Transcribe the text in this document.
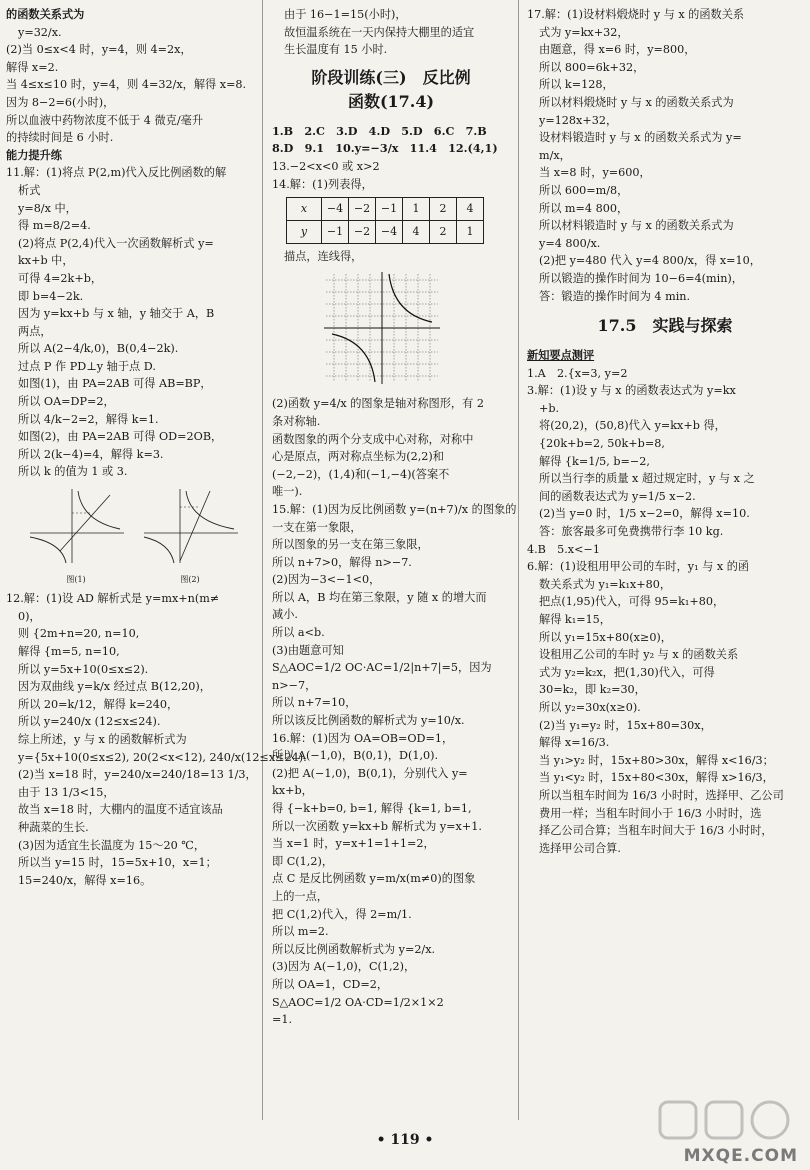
的函数关系式为
y=32/x.
(2)当 0≤x<4 时，y=4，则 4=2x，
解得 x=2.
当 4≤x≤10 时，y=4，则 4=32/x，解得 x=8.
因为 8−2=6(小时)，
所以血液中药物浓度不低于 4 微克/毫升
的持续时间是 6 小时.
能力提升练
11.解：(1)将点 P(2,m)代入反比例函数的解
析式
y=8/x 中，
得 m=8/2=4.
(2)将点 P(2,4)代入一次函数解析式 y=
kx+b 中，
可得 4=2k+b，
即 b=4−2k.
因为 y=kx+b 与 x 轴，y 轴交于 A，B
两点，
所以 A(2−4/k,0)，B(0,4−2k).
过点 P 作 PD⊥y 轴于点 D.
如图(1)，由 PA=2AB 可得 AB=BP，
所以 OA=DP=2，
所以 4/k−2=2，解得 k=1.
如图(2)，由 PA=2AB 可得 OD=2OB，
所以 2(k−4)=4，解得 k=3.
所以 k 的值为 1 或 3.
图(1)	图(2)
12.解：(1)设 AD 解析式是 y=mx+n(m≠
0)，
则 {2m+n=20, n=10,
解得 {m=5, n=10,
所以 y=5x+10(0≤x≤2).
因为双曲线 y=k/x 经过点 B(12,20)，
所以 20=k/12，解得 k=240，
所以 y=240/x (12≤x≤24).
综上所述，y 与 x 的函数解析式为
y={5x+10(0≤x≤2), 20(2<x<12), 240/x(12≤x≤24).
(2)当 x=18 时，y=240/x=240/18=13 1/3，
由于 13 1/3<15，
故当 x=18 时，大棚内的温度不适宜该品
种蔬菜的生长.
(3)因为适宜生长温度为 15～20 ℃，
所以当 y=15 时，15=5x+10，x=1；
15=240/x，解得 x=16。
由于 16−1=15(小时)，
故恒温系统在一天内保持大棚里的适宜
生长温度有 15 小时.
阶段训练(三)　反比例
函数(17.4)
1.B　2.C　3.D　4.D　5.D　6.C　7.B
8.D　9.1　10.y=−3/x　11.4　12.(4,1)
13.−2<x<0 或 x>2
14.解：(1)列表得，
x	−4	−2	−1	1	2	4
y	−1	−2	−4	4	2	1
描点，连线得，
(2)函数 y=4/x 的图象是轴对称图形，有 2
条对称轴.
函数图象的两个分支成中心对称，对称中
心是原点，两对称点坐标为(2,2)和
(−2,−2)，(1,4)和(−1,−4)(答案不
唯一).
15.解：(1)因为反比例函数 y=(n+7)/x 的图象的
一支在第一象限，
所以图象的另一支在第三象限，
所以 n+7>0，解得 n>−7.
(2)因为−3<−1<0，
所以 A，B 均在第三象限，y 随 x 的增大而
减小.
所以 a<b.
(3)由题意可知
S△AOC=1/2 OC·AC=1/2|n+7|=5，因为
n>−7，
所以 n+7=10，
所以该反比例函数的解析式为 y=10/x.
16.解：(1)因为 OA=OB=OD=1，
所以 A(−1,0)，B(0,1)，D(1,0).
(2)把 A(−1,0)，B(0,1)，分别代入 y=
kx+b，
得 {−k+b=0, b=1, 解得 {k=1, b=1,
所以一次函数 y=kx+b 解析式为 y=x+1.
当 x=1 时，y=x+1=1+1=2，
即 C(1,2)，
点 C 是反比例函数 y=m/x(m≠0)的图象
上的一点，
把 C(1,2)代入，得 2=m/1.
所以 m=2.
所以反比例函数解析式为 y=2/x.
(3)因为 A(−1,0)，C(1,2)，
所以 OA=1，CD=2，
S△AOC=1/2 OA·CD=1/2×1×2
=1.
17.解：(1)设材料煅烧时 y 与 x 的函数关系
式为 y=kx+32，
由题意，得 x=6 时，y=800，
所以 800=6k+32，
所以 k=128，
所以材料煅烧时 y 与 x 的函数关系式为
y=128x+32，
设材料锻造时 y 与 x 的函数关系式为 y=
m/x，
当 x=8 时，y=600，
所以 600=m/8，
所以 m=4 800，
所以材料锻造时 y 与 x 的函数关系式为
y=4 800/x.
(2)把 y=480 代入 y=4 800/x，得 x=10，
所以锻造的操作时间为 10−6=4(min)，
答：锻造的操作时间为 4 min.
17.5　实践与探索
新知要点测评
1.A　2.{x=3, y=2
3.解：(1)设 y 与 x 的函数表达式为 y=kx
+b.
将(20,2)，(50,8)代入 y=kx+b 得，
{20k+b=2, 50k+b=8,
解得 {k=1/5, b=−2,
所以当行李的质量 x 超过规定时，y 与 x 之
间的函数表达式为 y=1/5 x−2.
(2)当 y=0 时，1/5 x−2=0，解得 x=10.
答：旅客最多可免费携带行李 10 kg.
4.B　5.x<−1
6.解：(1)设租用甲公司的车时，y₁ 与 x 的函
数关系式为 y₁=k₁x+80，
把点(1,95)代入，可得 95=k₁+80，
解得 k₁=15，
所以 y₁=15x+80(x≥0)，
设租用乙公司的车时 y₂ 与 x 的函数关系
式为 y₂=k₂x，把(1,30)代入，可得
30=k₂，即 k₂=30，
所以 y₂=30x(x≥0).
(2)当 y₁=y₂ 时，15x+80=30x，
解得 x=16/3.
当 y₁>y₂ 时，15x+80>30x，解得 x<16/3；
当 y₁<y₂ 时，15x+80<30x，解得 x>16/3，
所以当租车时间为 16/3 小时时，选择甲、乙公司
费用一样；当租车时间小于 16/3 小时时，选
择乙公司合算；当租车时间大于 16/3 小时时，
选择甲公司合算.
• 119 •
MXQE.COM
